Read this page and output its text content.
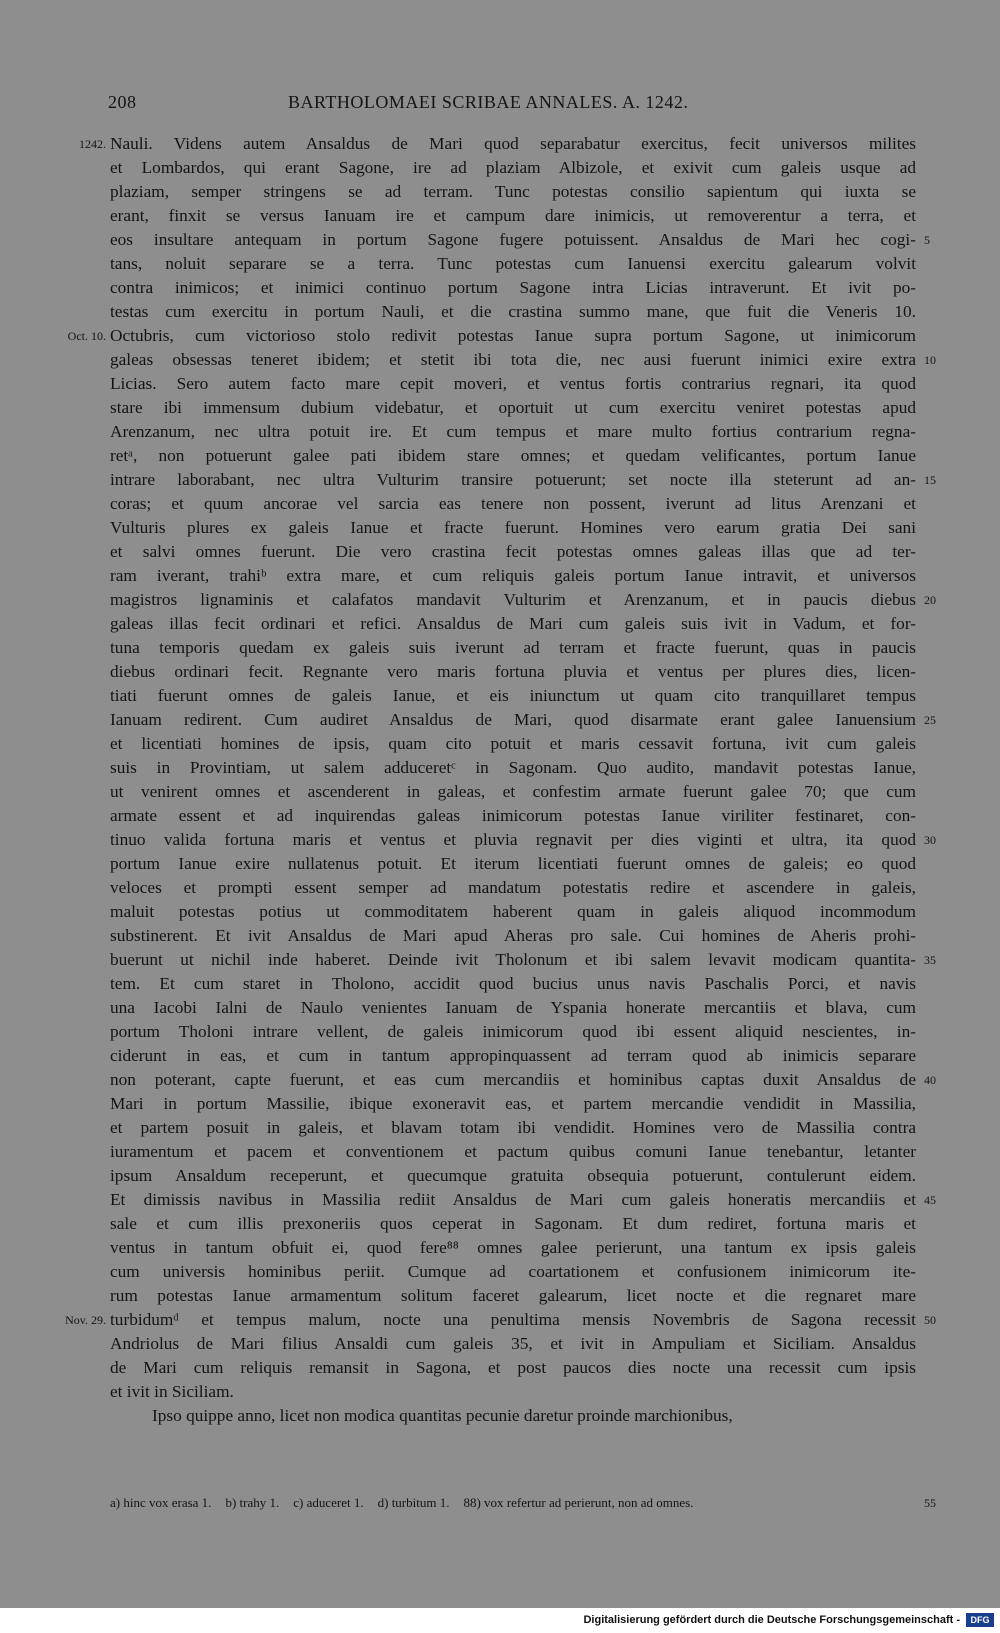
208	BARTHOLOMAEI SCRIBAE ANNALES. A. 1242.
Nauli. Videns autem Ansaldus de Mari quod separabatur exercitus, fecit universos milites
1242.
et Lombardos, qui erant Sagone, ire ad plaziam Albizole, et exivit cum galeis usque ad
plaziam, semper stringens se ad terram. Tunc potestas consilio sapientum qui iuxta se
erant, finxit se versus Ianuam ire et campum dare inimicis, ut removerentur a terra, et
eos insultare antequam in portum Sagone fugere potuissent. Ansaldus de Mari hec cogi- 5
tans, noluit separare se a terra. Tunc potestas cum Ianuensi exercitu galearum volvit
contra inimicos; et inimici continuo portum Sagone intra Licias intraverunt. Et ivit po-
testas cum exercitu in portum Nauli, et die crastina summo mane, que fuit die Veneris 10.
Octubris, cum victorioso stolo redivit potestas Ianue supra portum Sagone, ut inimicorum
Oct. 10.
galeas obsessas teneret ibidem; et stetit ibi tota die, nec ausi fuerunt inimici exire extra 10
Licias. Sero autem facto mare cepit moveri, et ventus fortis contrarius regnari, ita quod
stare ibi immensum dubium videbatur, et oportuit ut cum exercitu veniret potestas apud
Arenzanum, nec ultra potuit ire. Et cum tempus et mare multo fortius contrarium regna-
retᵃ, non potuerunt galee pati ibidem stare omnes; et quedam velificantes, portum Ianue
intrare laborabant, nec ultra Vulturim transire potuerunt; set nocte illa steterunt ad an- 15
coras; et quum ancorae vel sarcia eas tenere non possent, iverunt ad litus Arenzani et
Vulturis plures ex galeis Ianue et fracte fuerunt. Homines vero earum gratia Dei sani
et salvi omnes fuerunt. Die vero crastina fecit potestas omnes galeas illas que ad ter-
ram iverant, trahiᵇ extra mare, et cum reliquis galeis portum Ianue intravit, et universos
magistros lignaminis et calafatos mandavit Vulturim et Arenzanum, et in paucis diebus 20
galeas illas fecit ordinari et refici. Ansaldus de Mari cum galeis suis ivit in Vadum, et for-
tuna temporis quedam ex galeis suis iverunt ad terram et fracte fuerunt, quas in paucis
diebus ordinari fecit. Regnante vero maris fortuna pluvia et ventus per plures dies, licen-
tiati fuerunt omnes de galeis Ianue, et eis iniunctum ut quam cito tranquillaret tempus
Ianuam redirent. Cum audiret Ansaldus de Mari, quod disarmate erant galee Ianuensium 25
et licentiati homines de ipsis, quam cito potuit et maris cessavit fortuna, ivit cum galeis
suis in Provintiam, ut salem adduceretᶜ in Sagonam. Quo audito, mandavit potestas Ianue,
ut venirent omnes et ascenderent in galeas, et confestim armate fuerunt galee 70; que cum
armate essent et ad inquirendas galeas inimicorum potestas Ianue viriliter festinaret, con-
tinuo valida fortuna maris et ventus et pluvia regnavit per dies viginti et ultra, ita quod 30
portum Ianue exire nullatenus potuit. Et iterum licentiati fuerunt omnes de galeis; eo quod
veloces et prompti essent semper ad mandatum potestatis redire et ascendere in galeis,
maluit potestas potius ut commoditatem haberent quam in galeis aliquod incommodum
substinerent. Et ivit Ansaldus de Mari apud Aheras pro sale. Cui homines de Aheris prohi-
buerunt ut nichil inde haberet. Deinde ivit Tholonum et ibi salem levavit modicam quantita- 35
tem. Et cum staret in Tholono, accidit quod bucius unus navis Paschalis Porci, et navis
una Iacobi Ialni de Naulo venientes Ianuam de Yspania honerate mercantiis et blava, cum
portum Tholoni intrare vellent, de galeis inimicorum quod ibi essent aliquid nescientes, in-
ciderunt in eas, et cum in tantum appropinquassent ad terram quod ab inimicis separare
non poterant, capte fuerunt, et eas cum mercandiis et hominibus captas duxit Ansaldus de 40
Mari in portum Massilie, ibique exoneravit eas, et partem mercandie vendidit in Massilia,
et partem posuit in galeis, et blavam totam ibi vendidit. Homines vero de Massilia contra
iuramentum et pacem et conventionem et pactum quibus comuni Ianue tenebantur, letanter
ipsum Ansaldum receperunt, et quecumque gratuita obsequia potuerunt, contulerunt eidem.
Et dimissis navibus in Massilia rediit Ansaldus de Mari cum galeis honeratis mercandiis et 45
sale et cum illis prexoneriis quos ceperat in Sagonam. Et dum rediret, fortuna maris et
ventus in tantum obfuit ei, quod fere⁸⁸ omnes galee perierunt, una tantum ex ipsis galeis
cum universis hominibus periit. Cumque ad coartationem et confusionem inimicorum ite-
rum potestas Ianue armamentum solitum faceret galearum, licet nocte et die regnaret mare
turbidumᵈ et tempus malum, nocte una penultima mensis Novembris de Sagona recessit
Nov. 29.	50
Andriolus de Mari filius Ansaldi cum galeis 35, et ivit in Ampuliam et Siciliam. Ansaldus
de Mari cum reliquis remansit in Sagona, et post paucos dies nocte una recessit cum ipsis
et ivit in Siciliam.
Ipso quippe anno, licet non modica quantitas pecunie daretur proinde marchionibus,
a) hinc vox erasa 1. b) trahy 1. c) aduceret 1. d) turbitum 1. 88) vox refertur ad perierunt, non ad omnes.	55
Digitalisierung gefördert durch die Deutsche Forschungsgemeinschaft -	DFG
